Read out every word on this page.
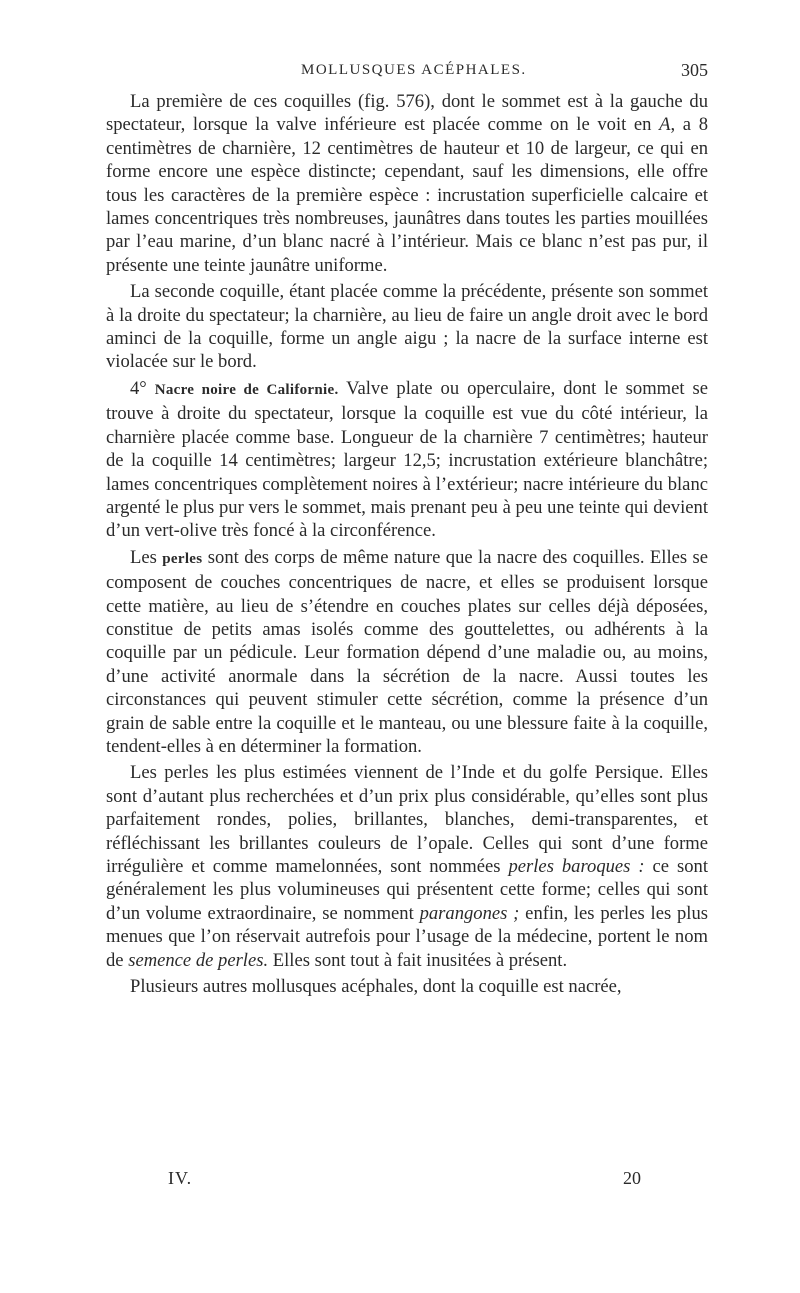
MOLLUSQUES ACÉPHALES.	305

La première de ces coquilles (fig. 576), dont le sommet est à la gauche du spectateur, lorsque la valve inférieure est placée comme on le voit en A, a 8 centimètres de charnière, 12 centimètres de hauteur et 10 de largeur, ce qui en forme encore une espèce distincte; cependant, sauf les dimensions, elle offre tous les caractères de la première espèce : incrustation superficielle calcaire et lames concentriques très nombreuses, jaunâtres dans toutes les parties mouillées par l’eau marine, d’un blanc nacré à l’intérieur. Mais ce blanc n’est pas pur, il présente une teinte jaunâtre uniforme.

La seconde coquille, étant placée comme la précédente, présente son sommet à la droite du spectateur; la charnière, au lieu de faire un angle droit avec le bord aminci de la coquille, forme un angle aigu ; la nacre de la surface interne est violacée sur le bord.

4° Nacre noire de Californie. Valve plate ou operculaire, dont le sommet se trouve à droite du spectateur, lorsque la coquille est vue du côté intérieur, la charnière placée comme base. Longueur de la charnière 7 centimètres; hauteur de la coquille 14 centimètres; largeur 12,5; incrustation extérieure blanchâtre; lames concentriques complètement noires à l’extérieur; nacre intérieure du blanc argenté le plus pur vers le sommet, mais prenant peu à peu une teinte qui devient d’un vert-olive très foncé à la circonférence.

Les perles sont des corps de même nature que la nacre des coquilles. Elles se composent de couches concentriques de nacre, et elles se produisent lorsque cette matière, au lieu de s’étendre en couches plates sur celles déjà déposées, constitue de petits amas isolés comme des gouttelettes, ou adhérents à la coquille par un pédicule. Leur formation dépend d’une maladie ou, au moins, d’une activité anormale dans la sécrétion de la nacre. Aussi toutes les circonstances qui peuvent stimuler cette sécrétion, comme la présence d’un grain de sable entre la coquille et le manteau, ou une blessure faite à la coquille, tendent-elles à en déterminer la formation.

Les perles les plus estimées viennent de l’Inde et du golfe Persique. Elles sont d’autant plus recherchées et d’un prix plus considérable, qu’elles sont plus parfaitement rondes, polies, brillantes, blanches, demi-transparentes, et réfléchissant les brillantes couleurs de l’opale. Celles qui sont d’une forme irrégulière et comme mamelonnées, sont nommées perles baroques : ce sont généralement les plus volumineuses qui présentent cette forme; celles qui sont d’un volume extraordinaire, se nomment parangones ; enfin, les perles les plus menues que l’on réservait autrefois pour l’usage de la médecine, portent le nom de semence de perles. Elles sont tout à fait inusitées à présent.

Plusieurs autres mollusques acéphales, dont la coquille est nacrée,

IV.	20
